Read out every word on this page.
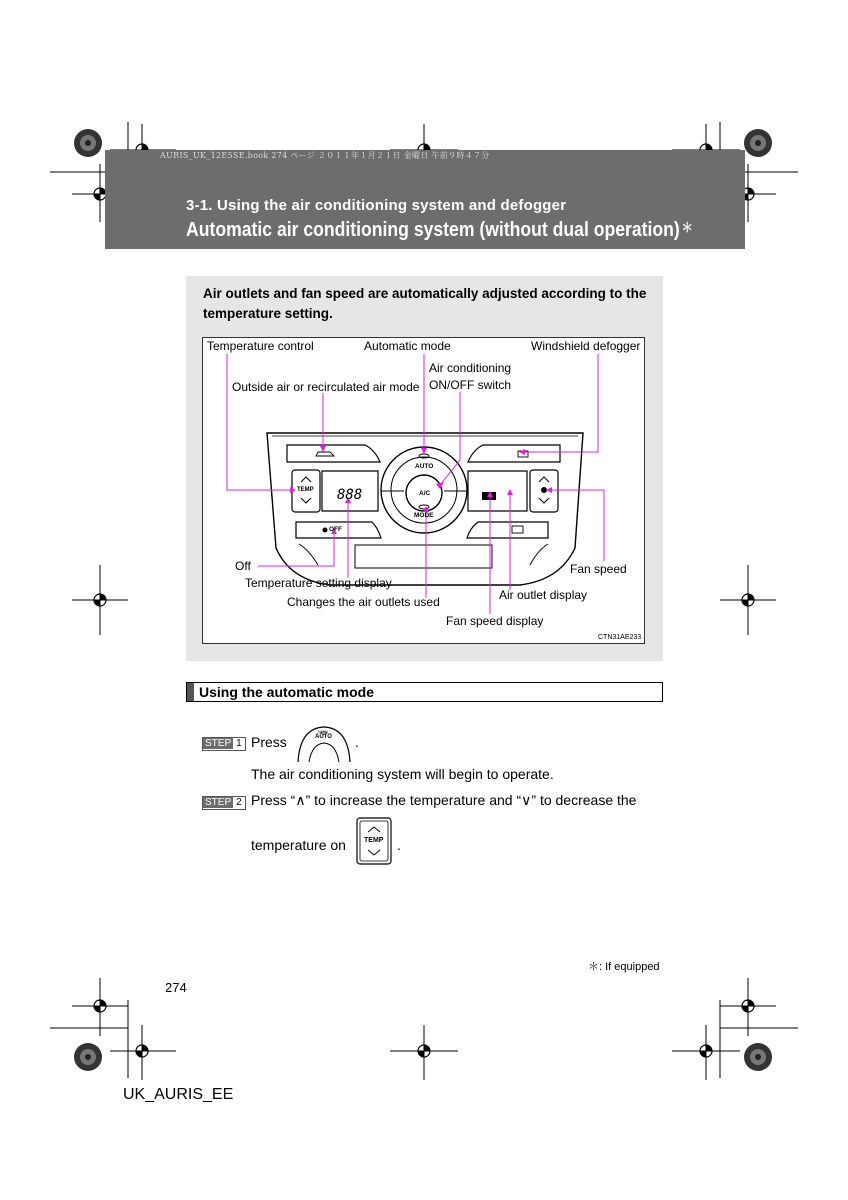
AURIS_UK_12E5SE.book 274 ページ ２０１１年１月２１日 金曜日 午前９時４７分
3-1. Using the air conditioning system and defogger
Automatic air conditioning system (without dual operation) ＊
Air outlets and fan speed are automatically adjusted according to the temperature setting.
AUTO
A/C
MODE
TEMP
OFF
888
Temperature control	Automatic mode	Windshield defogger
Air conditioning
ON/OFF switch
Outside air or recirculated air mode
Off
Temperature setting display
Changes the air outlets used
Fan speed
Air outlet display
Fan speed display
CTN31AE233
Using the automatic mode
STEP 1 Press
NOW
AUTO .
The air conditioning system will begin to operate.
STEP 2 Press “∧” to increase the temperature and “∨” to decrease the
temperature on	TEMP .
＊: If equipped
274
UK_AURIS_EE
